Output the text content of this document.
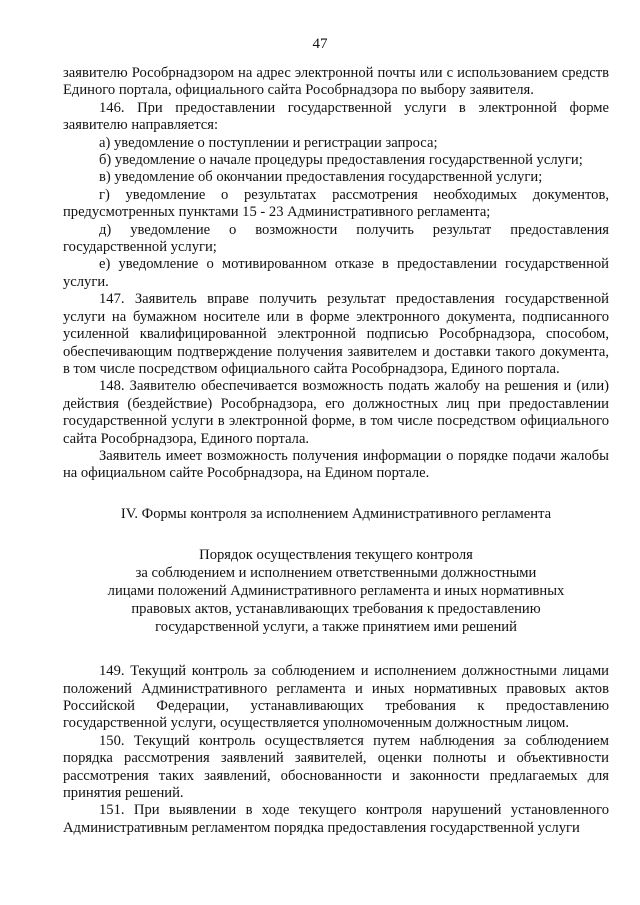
47

заявителю Рособрнадзором на адрес электронной почты или с использованием средств Единого портала, официального сайта Рособрнадзора по выбору заявителя.

146. При предоставлении государственной услуги в электронной форме заявителю направляется:

а) уведомление о поступлении и регистрации запроса;

б) уведомление о начале процедуры предоставления государственной услуги;

в) уведомление об окончании предоставления государственной услуги;

г) уведомление о результатах рассмотрения необходимых документов, предусмотренных пунктами 15 - 23 Административного регламента;

д) уведомление о возможности получить результат предоставления государственной услуги;

е) уведомление о мотивированном отказе в предоставлении государственной услуги.

147. Заявитель вправе получить результат предоставления государственной услуги на бумажном носителе или в форме электронного документа, подписанного усиленной квалифицированной электронной подписью Рособрнадзора, способом, обеспечивающим подтверждение получения заявителем и доставки такого документа, в том числе посредством официального сайта Рособрнадзора, Единого портала.

148. Заявителю обеспечивается возможность подать жалобу на решения и (или) действия (бездействие) Рособрнадзора, его должностных лиц при предоставлении государственной услуги в электронной форме, в том числе посредством официального сайта Рособрнадзора, Единого портала.

Заявитель имеет возможность получения информации о порядке подачи жалобы на официальном сайте Рособрнадзора, на Едином портале.

IV. Формы контроля за исполнением Административного регламента
Порядок осуществления текущего контроля
за соблюдением и исполнением ответственными должностными
лицами положений Административного регламента и иных нормативных
правовых актов, устанавливающих требования к предоставлению
государственной услуги, а также принятием ими решений

149. Текущий контроль за соблюдением и исполнением должностными лицами положений Административного регламента и иных нормативных правовых актов Российской Федерации, устанавливающих требования к предоставлению государственной услуги, осуществляется уполномоченным должностным лицом.

150. Текущий контроль осуществляется путем наблюдения за соблюдением порядка рассмотрения заявлений заявителей, оценки полноты и объективности рассмотрения таких заявлений, обоснованности и законности предлагаемых для принятия решений.

151. При выявлении в ходе текущего контроля нарушений установленного Административным регламентом порядка предоставления государственной услуги
